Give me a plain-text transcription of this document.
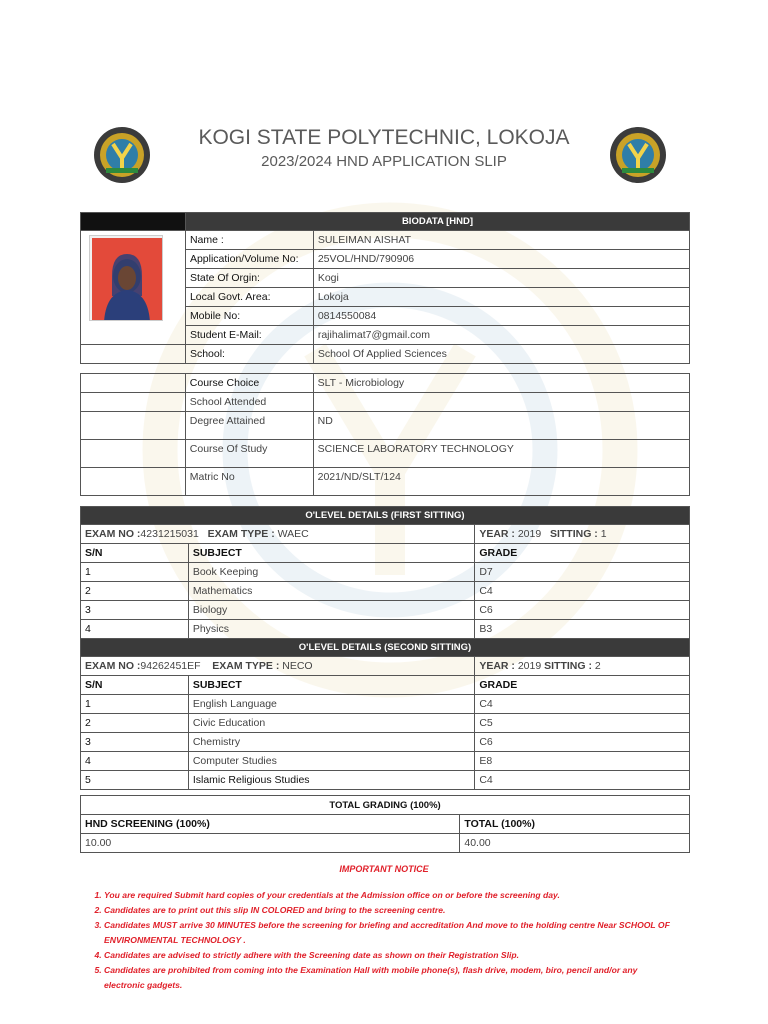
KOGI STATE POLYTECHNIC, LOKOJA
2023/2024 HND APPLICATION SLIP
	BIODATA [HND]	

	Name :	SULEIMAN AISHAT
	Application/Volume No:	25VOL/HND/790906
	State Of Orgin:	Kogi
	Local Govt. Area:	Lokoja
	Mobile No:	0814550084
	Student E-Mail:	rajihalimat7@gmail.com
	School:	School Of Applied Sciences
	Course Choice	SLT - Microbiology
	School Attended	
	Degree Attained	ND
	Course Of Study	SCIENCE LABORATORY TECHNOLOGY
	Matric No	2021/ND/SLT/124
O'LEVEL DETAILS (FIRST SITTING)		
EXAM NO :4231215031 EXAM TYPE : WAEC		YEAR : 2019 SITTING : 1
S/N	SUBJECT	GRADE
1	Book Keeping	D7
2	Mathematics	C4
3	Biology	C6
4	Physics	B3
O'LEVEL DETAILS (SECOND SITTING)		
EXAM NO :94262451EF EXAM TYPE : NECO		YEAR : 2019 SITTING : 2
S/N	SUBJECT	GRADE
1	English Language	C4
2	Civic Education	C5
3	Chemistry	C6
4	Computer Studies	E8
5	Islamic Religious Studies	C4
TOTAL GRADING (100%)	
HND SCREENING (100%)	TOTAL (100%)
10.00	40.00
IMPORTANT NOTICE
1. You are required Submit hard copies of your credentials at the Admission office on or before the screening day.
2. Candidates are to print out this slip IN COLORED and bring to the screening centre.
3. Candidates MUST arrive 30 MINUTES before the screening for briefing and accreditation And move to the holding centre Near SCHOOL OF ENVIRONMENTAL TECHNOLOGY .
4. Candidates are advised to strictly adhere with the Screening date as shown on their Registration Slip.
5. Candidates are prohibited from coming into the Examination Hall with mobile phone(s), flash drive, modem, biro, pencil and/or any electronic gadgets.
